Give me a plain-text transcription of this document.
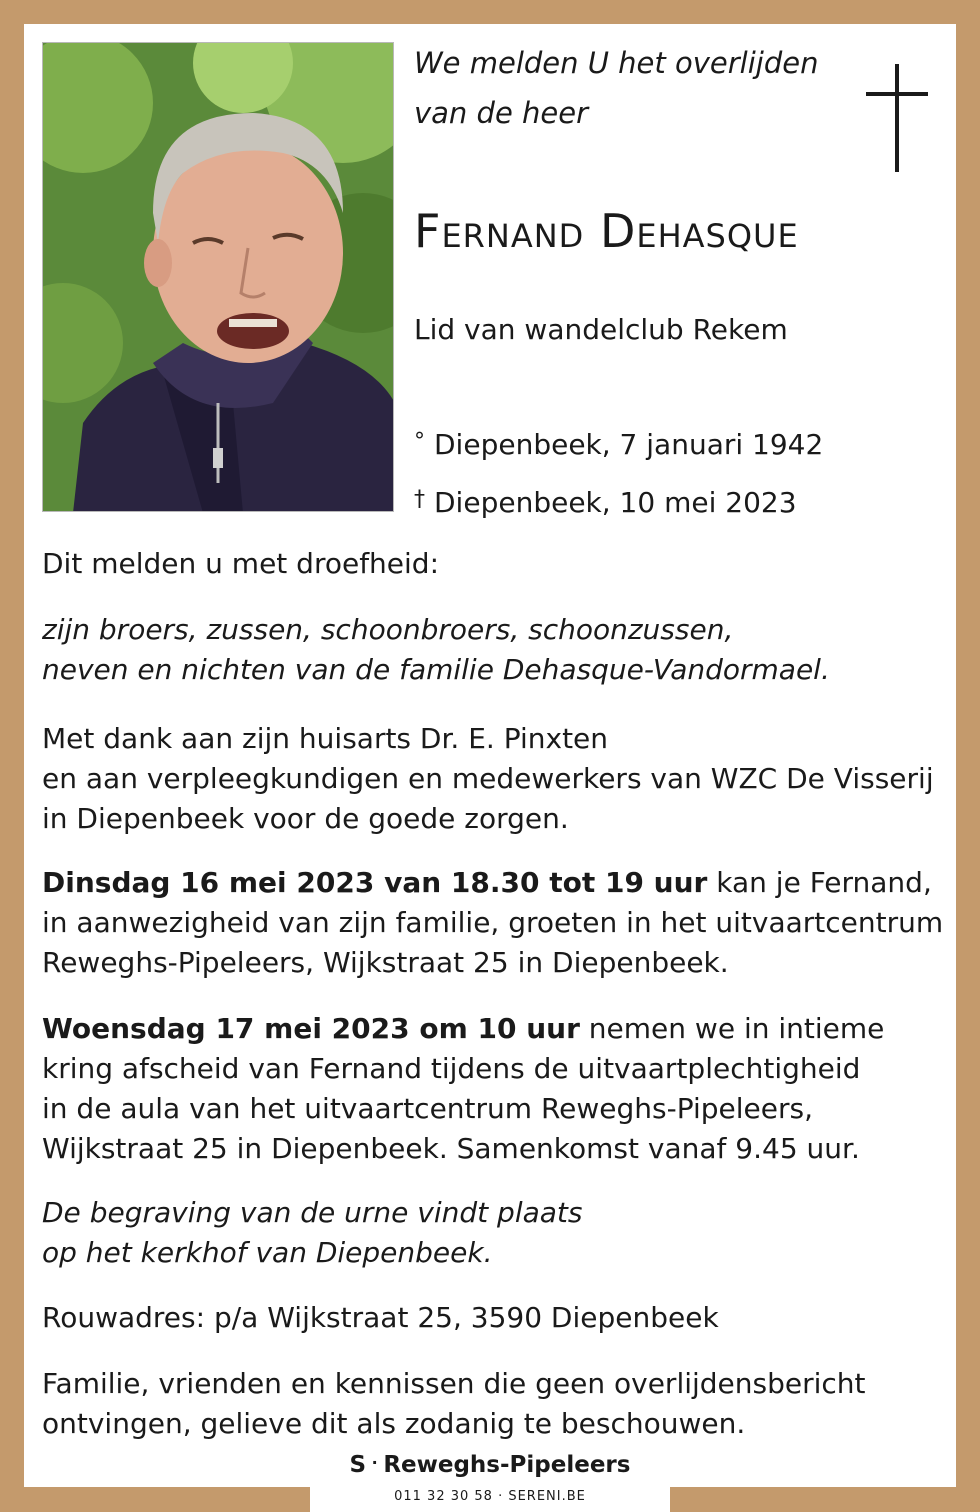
We melden U het overlijden
van de heer
Fernand Dehasque
Lid van wandelclub Rekem
° Diepenbeek, 7 januari 1942
† Diepenbeek, 10 mei 2023
Dit melden u met droefheid:
zijn broers, zussen, schoonbroers, schoonzussen,
neven en nichten van de familie Dehasque-Vandormael.
Met dank aan zijn huisarts Dr. E. Pinxten
en aan verpleegkundigen en medewerkers van WZC De Visserij
in Diepenbeek voor de goede zorgen.
Dinsdag 16 mei 2023 van 18.30 tot 19 uur kan je Fernand,
in aanwezigheid van zijn familie, groeten in het uitvaartcentrum
Reweghs-Pipeleers, Wijkstraat 25 in Diepenbeek.
Woensdag 17 mei 2023 om 10 uur nemen we in intieme
kring afscheid van Fernand tijdens de uitvaartplechtigheid
in de aula van het uitvaartcentrum Reweghs-Pipeleers,
Wijkstraat 25 in Diepenbeek. Samenkomst vanaf 9.45 uur.
De begraving van de urne vindt plaats
op het kerkhof van Diepenbeek.
Rouwadres: p/a Wijkstraat 25, 3590 Diepenbeek
Familie, vrienden en kennissen die geen overlijdensbericht
ontvingen, gelieve dit als zodanig te beschouwen.
S · Reweghs-Pipeleers
011 32 30 58 · SERENI.BE
